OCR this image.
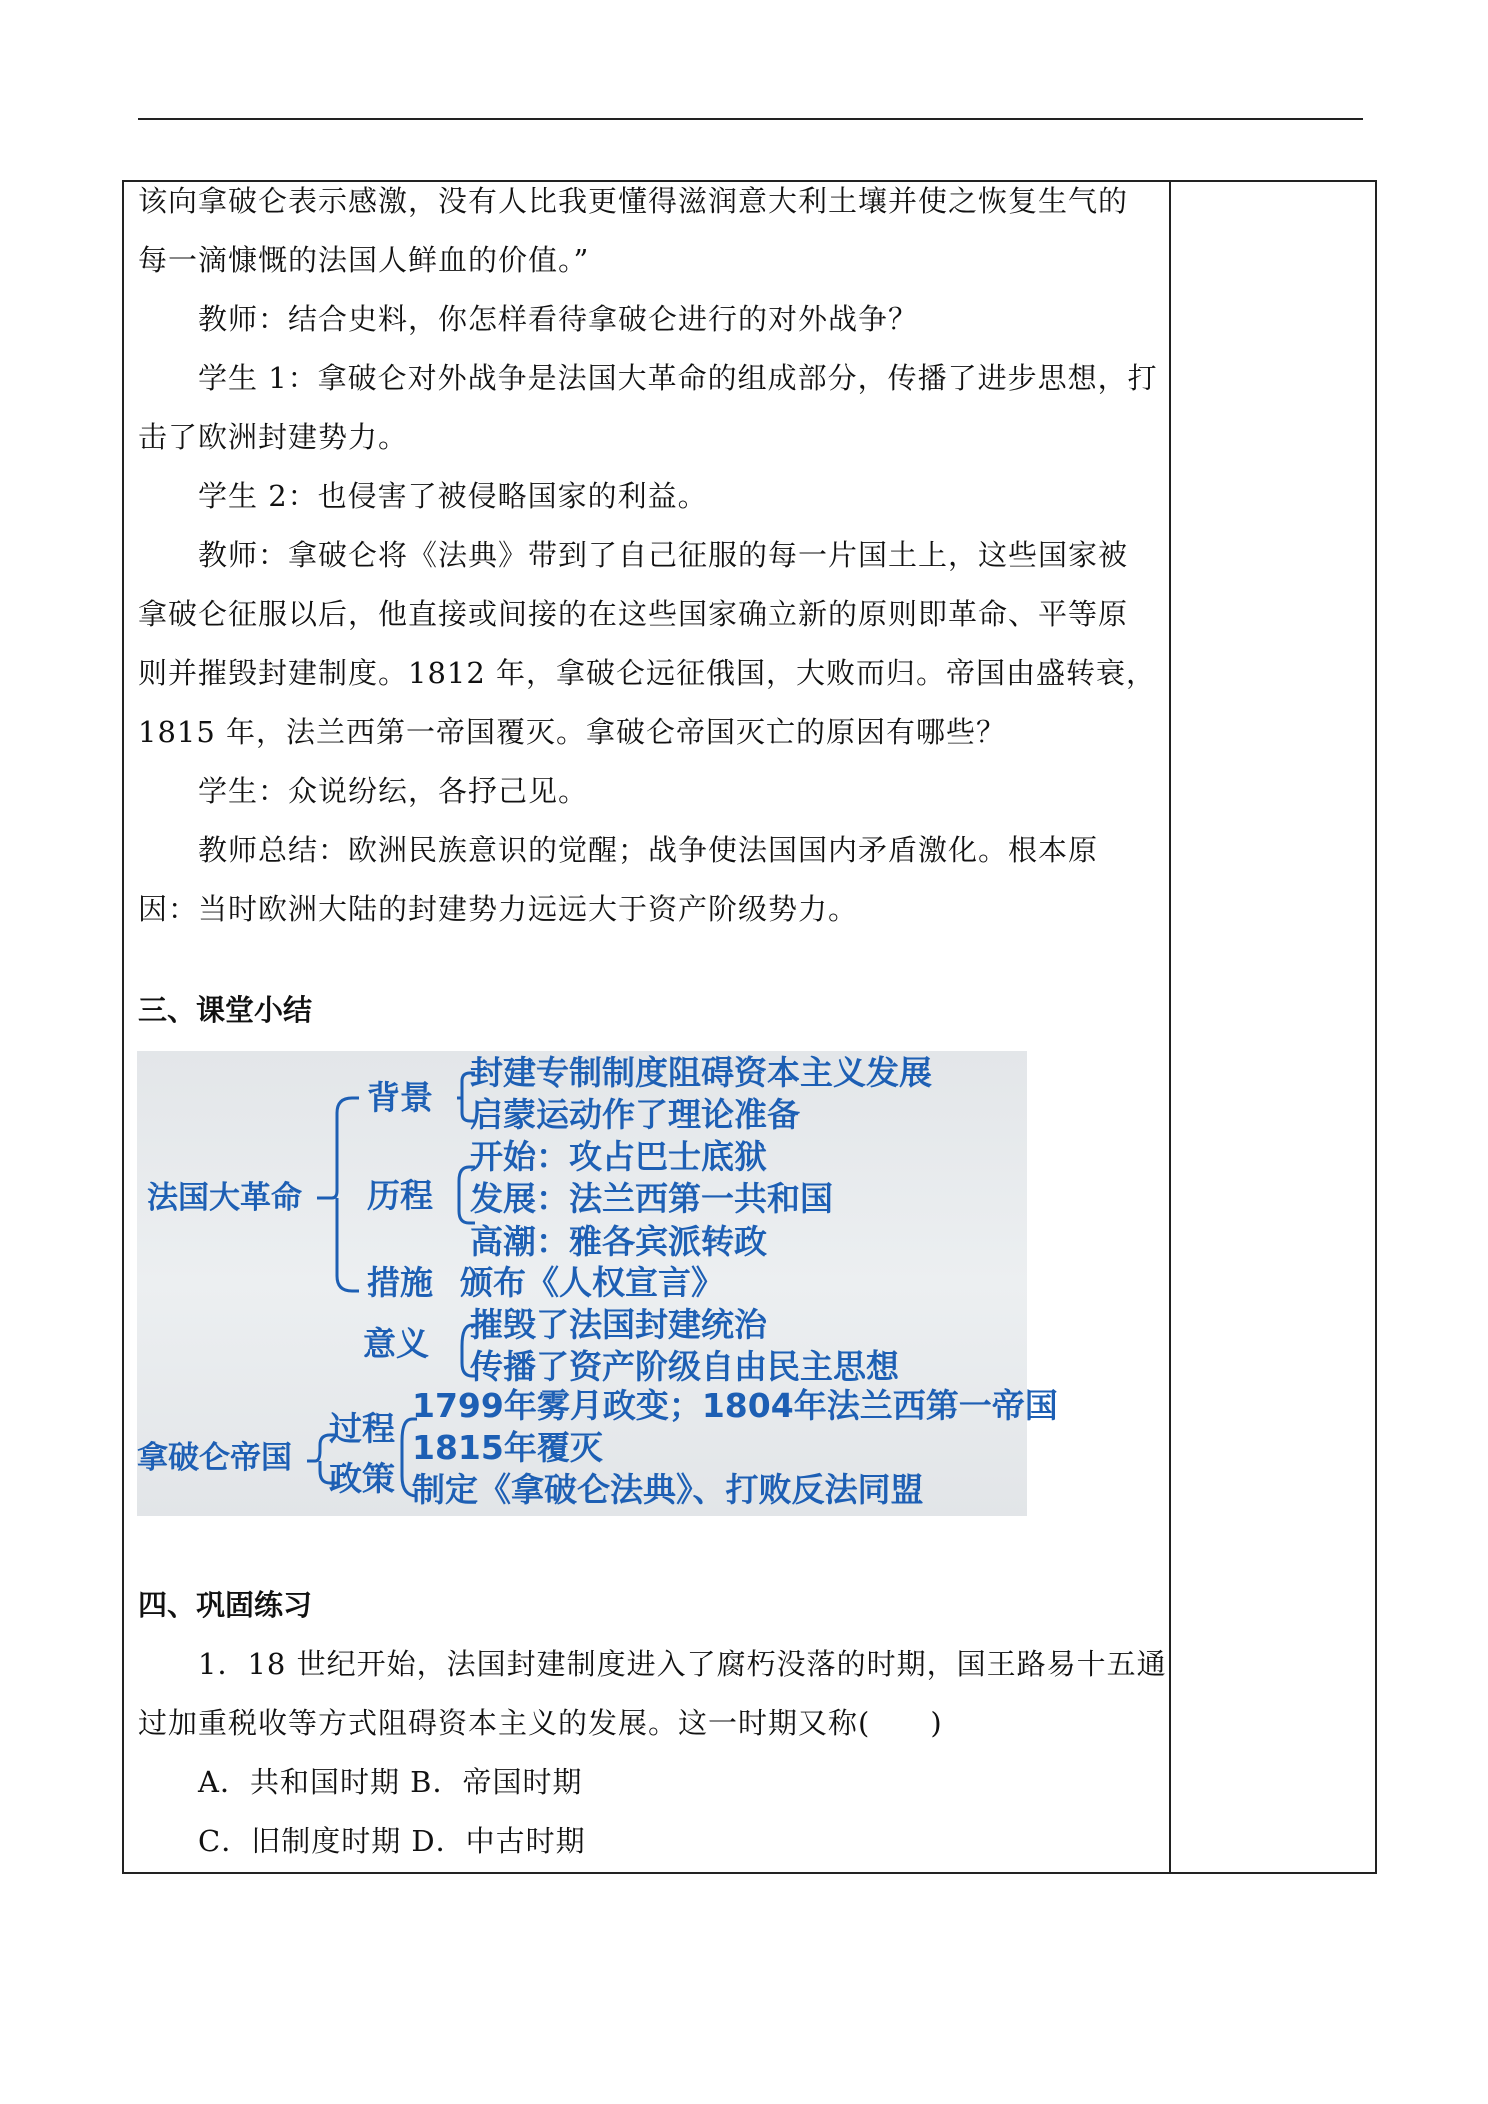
该向拿破仑表示感激，没有人比我更懂得滋润意大利土壤并使之恢复生气的
每一滴慷慨的法国人鲜血的价值。”
教师：结合史料，你怎样看待拿破仑进行的对外战争？
学生 1：拿破仑对外战争是法国大革命的组成部分，传播了进步思想，打
击了欧洲封建势力。
学生 2：也侵害了被侵略国家的利益。
教师：拿破仑将《法典》带到了自己征服的每一片国土上，这些国家被
拿破仑征服以后，他直接或间接的在这些国家确立新的原则即革命、平等原
则并摧毁封建制度。1812 年，拿破仑远征俄国，大败而归。帝国由盛转衰，
1815 年，法兰西第一帝国覆灭。拿破仑帝国灭亡的原因有哪些？
学生：众说纷纭，各抒己见。
教师总结：欧洲民族意识的觉醒；战争使法国国内矛盾激化。根本原
因：当时欧洲大陆的封建势力远远大于资产阶级势力。
三、课堂小结
法国大革命
背景
封建专制制度阻碍资本主义发展
启蒙运动作了理论准备
历程
开始：攻占巴士底狱
发展：法兰西第一共和国
高潮：雅各宾派转政
措施 颁布《人权宣言》
意义 摧毁了法国封建统治
传播了资产阶级自由民主思想
拿破仑帝国
过程
政策
1799年雾月政变；1804年法兰西第一帝国
1815年覆灭
制定《拿破仑法典》、打败反法同盟
四、巩固练习
1．18 世纪开始，法国封建制度进入了腐朽没落的时期，国王路易十五通
过加重税收等方式阻碍资本主义的发展。这一时期又称(　　)
A．共和国时期 B．帝国时期
C．旧制度时期 D．中古时期
